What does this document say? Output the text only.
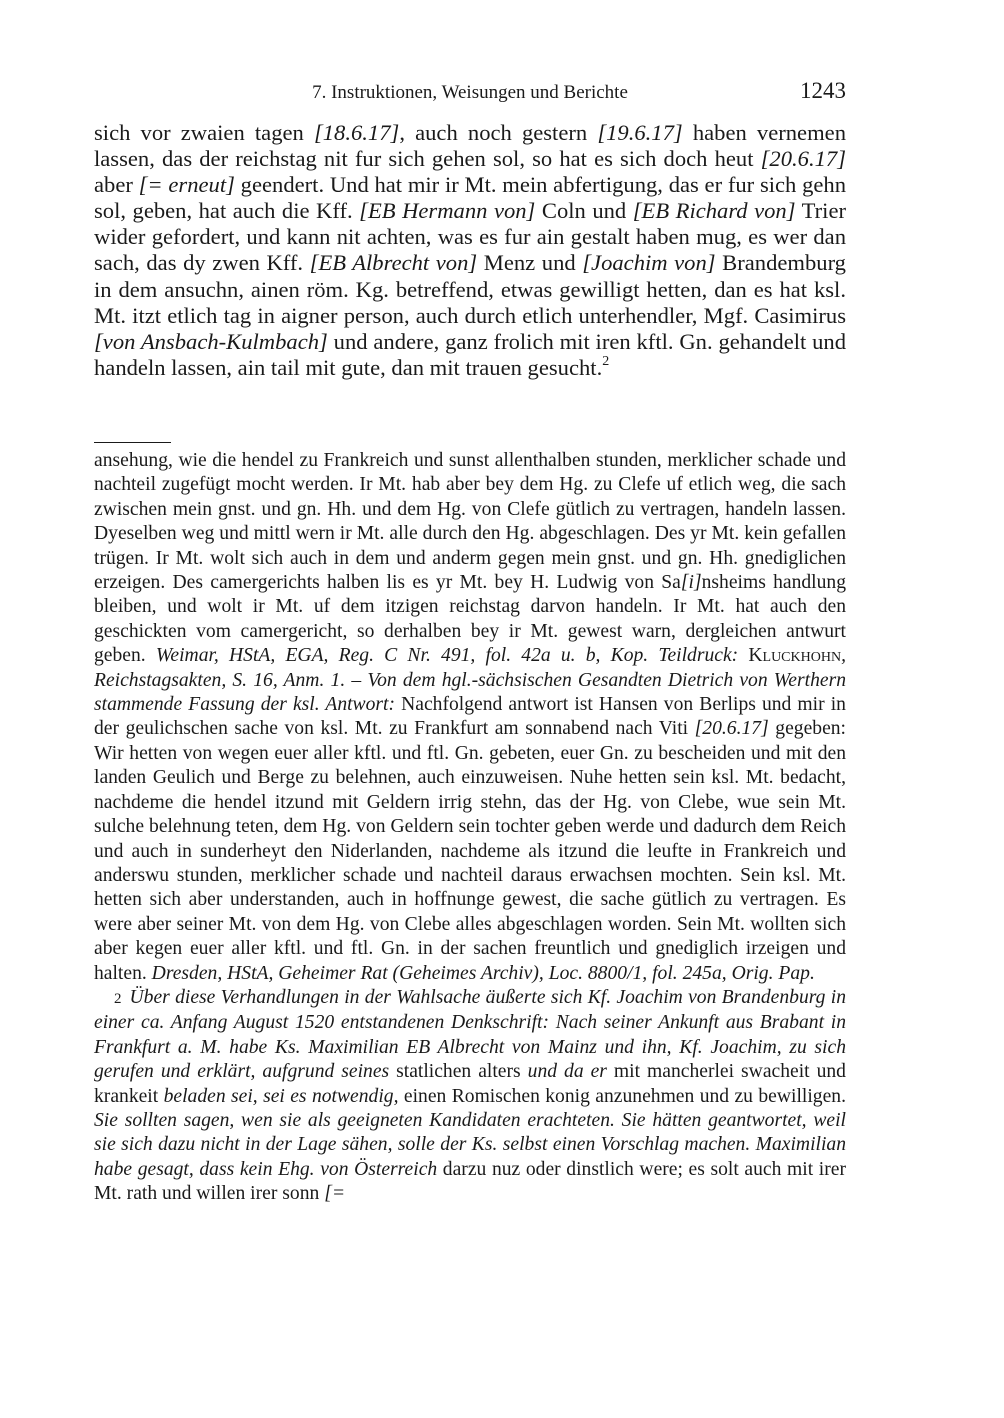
7. Instruktionen, Weisungen und Berichte	1243

sich vor zwaien tagen [18.6.17], auch noch gestern [19.6.17] haben vernemen lassen, das der reichstag nit fur sich gehen sol, so hat es sich doch heut [20.6.17] aber [= erneut] geendert. Und hat mir ir Mt. mein abfertigung, das er fur sich gehn sol, geben, hat auch die Kff. [EB Hermann von] Coln und [EB Richard von] Trier wider gefordert, und kann nit achten, was es fur ain gestalt haben mug, es wer dan sach, das dy zwen Kff. [EB Albrecht von] Menz und [Joachim von] Brandemburg in dem ansuchn, ainen röm. Kg. betreffend, etwas gewilligt hetten, dan es hat ksl. Mt. itzt etlich tag in aigner person, auch durch etlich unterhendler, Mgf. Casimirus [von Ansbach-Kulmbach] und andere, ganz frolich mit iren kftl. Gn. gehandelt und handeln lassen, ain tail mit gute, dan mit trauen gesucht.$^2$

ansehung, wie die hendel zu Frankreich und sunst allenthalben stunden, merklicher schade und nachteil zugefügt mocht werden. Ir Mt. hab aber bey dem Hg. zu Clefe uf etlich weg, die sach zwischen mein gnst. und gn. Hh. und dem Hg. von Clefe gütlich zu vertragen, handeln lassen. Dyeselben weg und mittl wern ir Mt. alle durch den Hg. abgeschlagen. Des yr Mt. kein gefallen trügen. Ir Mt. wolt sich auch in dem und anderm gegen mein gnst. und gn. Hh. gnediglichen erzeigen. Des camergerichts halben lis es yr Mt. bey H. Ludwig von Sa[i]nsheims handlung bleiben, und wolt ir Mt. uf dem itzigen reichstag darvon handeln. Ir Mt. hat auch den geschickten vom camergericht, so derhalben bey ir Mt. gewest warn, dergleichen antwurt geben. Weimar, HStA, EGA, Reg. C Nr. 491, fol. 42a u. b, Kop. Teildruck: Kluckhohn, Reichstagsakten, S. 16, Anm. 1. – Von dem hgl.-sächsischen Gesandten Dietrich von Werthern stammende Fassung der ksl. Antwort: Nachfolgend antwort ist Hansen von Berlips und mir in der geulichschen sache von ksl. Mt. zu Frankfurt am sonnabend nach Viti [20.6.17] gegeben: Wir hetten von wegen euer aller kftl. und ftl. Gn. gebeten, euer Gn. zu bescheiden und mit den landen Geulich und Berge zu belehnen, auch einzuweisen. Nuhe hetten sein ksl. Mt. bedacht, nachdeme die hendel itzund mit Geldern irrig stehn, das der Hg. von Clebe, wue sein Mt. sulche belehnung teten, dem Hg. von Geldern sein tochter geben werde und dadurch dem Reich und auch in sunderheyt den Niderlanden, nachdeme als itzund die leufte in Frankreich und anderswu stunden, merklicher schade und nachteil daraus erwachsen mochten. Sein ksl. Mt. hetten sich aber understanden, auch in hoffnunge gewest, die sache gütlich zu vertragen. Es were aber seiner Mt. von dem Hg. von Clebe alles abgeschlagen worden. Sein Mt. wollten sich aber kegen euer aller kftl. und ftl. Gn. in der sachen freuntlich und gnediglich irzeigen und halten. Dresden, HStA, Geheimer Rat (Geheimes Archiv), Loc. 8800/1, fol. 245a, Orig. Pap.

2 Über diese Verhandlungen in der Wahlsache äußerte sich Kf. Joachim von Brandenburg in einer ca. Anfang August 1520 entstandenen Denkschrift: Nach seiner Ankunft aus Brabant in Frankfurt a. M. habe Ks. Maximilian EB Albrecht von Mainz und ihn, Kf. Joachim, zu sich gerufen und erklärt, aufgrund seines statlichen alters und da er mit mancherlei swacheit und krankeit beladen sei, sei es notwendig, einen Romischen konig anzunehmen und zu bewilligen. Sie sollten sagen, wen sie als geeigneten Kandidaten erachteten. Sie hätten geantwortet, weil sie sich dazu nicht in der Lage sähen, solle der Ks. selbst einen Vorschlag machen. Maximilian habe gesagt, dass kein Ehg. von Österreich darzu nuz oder dinstlich were; es solt auch mit irer Mt. rath und willen irer sonn [=
